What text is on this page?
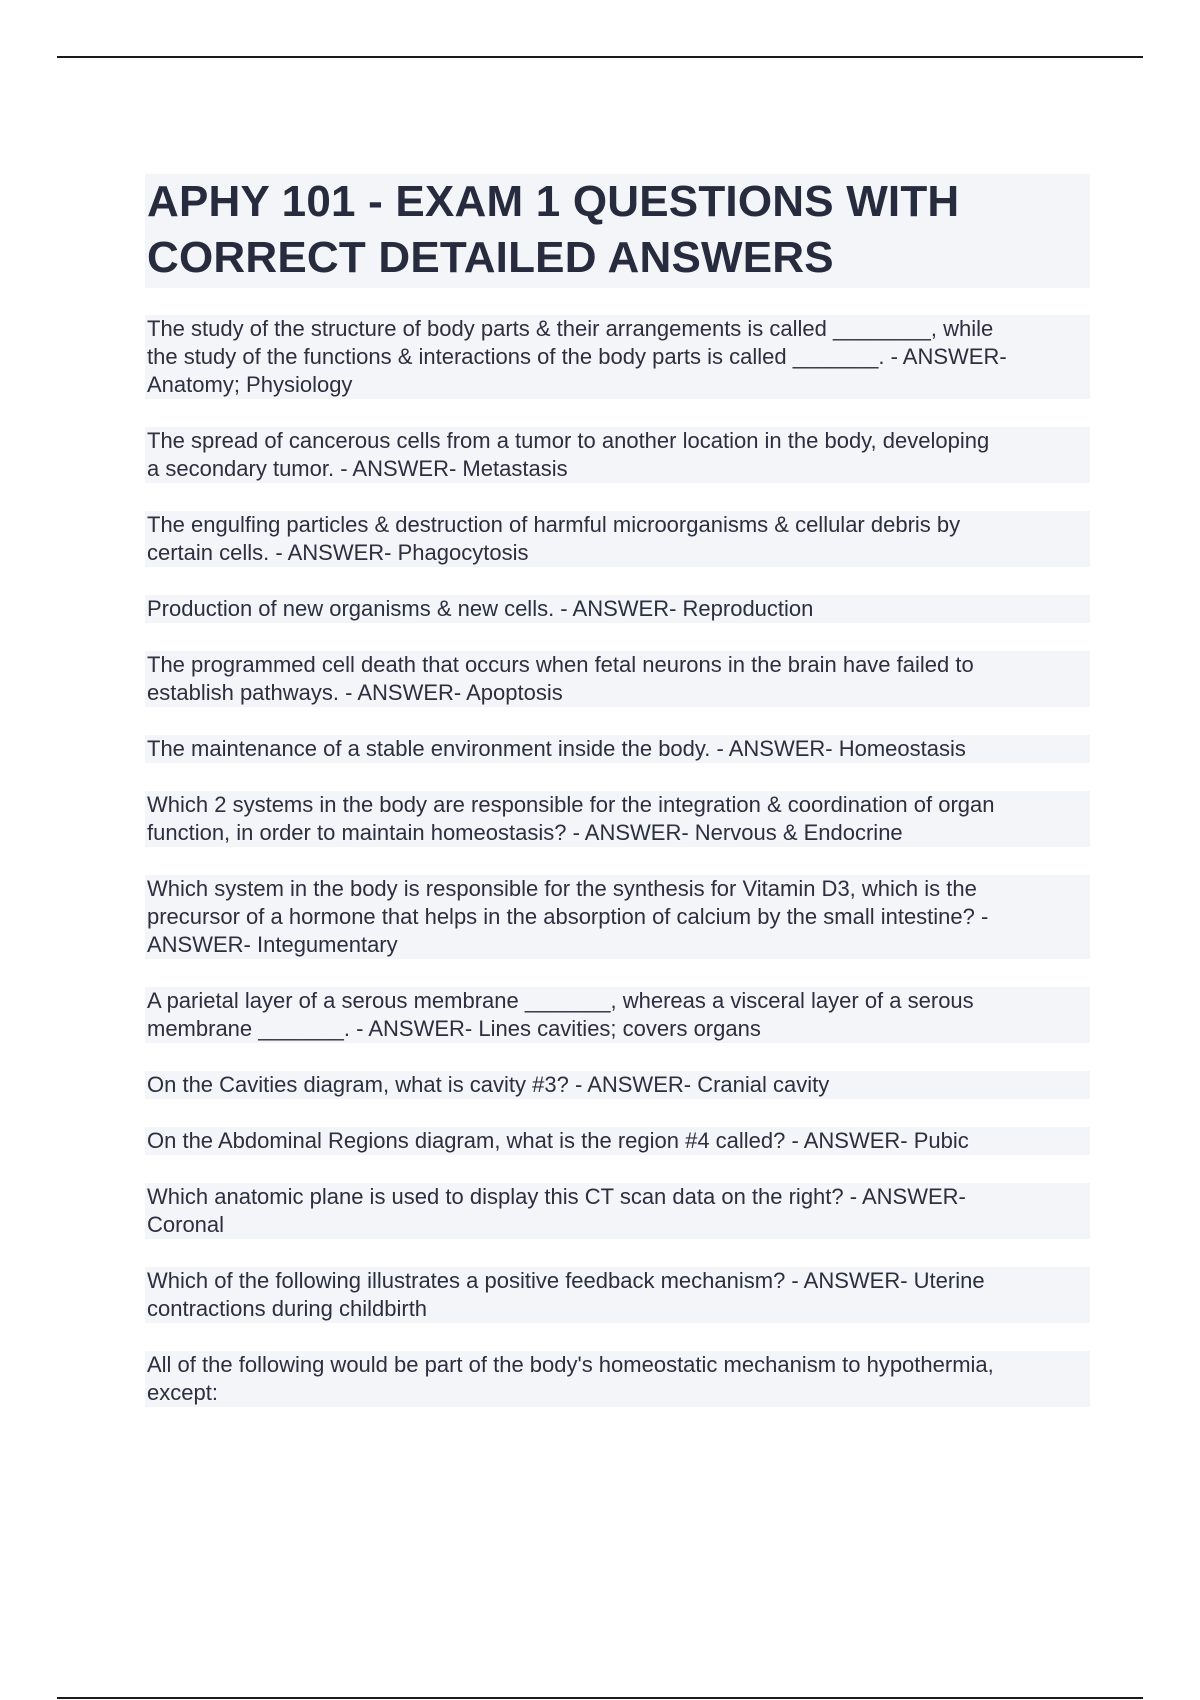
APHY 101 - EXAM 1 QUESTIONS WITH
CORRECT DETAILED ANSWERS
The study of the structure of body parts & their arrangements is called ________, while
the study of the functions & interactions of the body parts is called _______. - ANSWER-
Anatomy; Physiology
The spread of cancerous cells from a tumor to another location in the body, developing
a secondary tumor. - ANSWER- Metastasis
The engulfing particles & destruction of harmful microorganisms & cellular debris by
certain cells. - ANSWER- Phagocytosis
Production of new organisms & new cells. - ANSWER- Reproduction
The programmed cell death that occurs when fetal neurons in the brain have failed to
establish pathways. - ANSWER- Apoptosis
The maintenance of a stable environment inside the body. - ANSWER- Homeostasis
Which 2 systems in the body are responsible for the integration & coordination of organ
function, in order to maintain homeostasis? - ANSWER- Nervous & Endocrine
Which system in the body is responsible for the synthesis for Vitamin D3, which is the
precursor of a hormone that helps in the absorption of calcium by the small intestine? -
ANSWER- Integumentary
A parietal layer of a serous membrane _______, whereas a visceral layer of a serous
membrane _______. - ANSWER- Lines cavities; covers organs
On the Cavities diagram, what is cavity #3? - ANSWER- Cranial cavity
On the Abdominal Regions diagram, what is the region #4 called? - ANSWER- Pubic
Which anatomic plane is used to display this CT scan data on the right? - ANSWER-
Coronal
Which of the following illustrates a positive feedback mechanism? - ANSWER- Uterine
contractions during childbirth
All of the following would be part of the body's homeostatic mechanism to hypothermia,
except:
